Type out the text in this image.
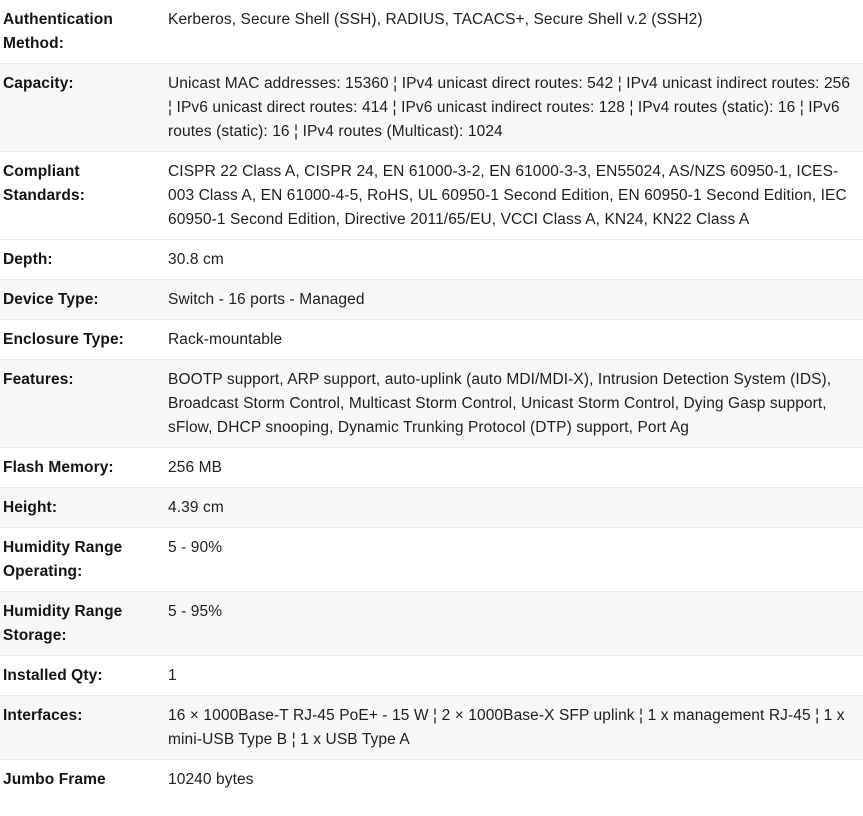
Authentication Method:
Kerberos, Secure Shell (SSH), RADIUS, TACACS+, Secure Shell v.2 (SSH2)
Capacity:	Unicast MAC addresses: 15360 ¦ IPv4 unicast direct routes: 542 ¦ IPv4 unicast indirect routes: 256 ¦ IPv6 unicast direct routes: 414 ¦ IPv6 unicast indirect routes: 128 ¦ IPv4 routes (static): 16 ¦ IPv6 routes (static): 16 ¦ IPv4 routes (Multicast): 1024
Compliant Standards:
CISPR 22 Class A, CISPR 24, EN 61000-3-2, EN 61000-3-3, EN55024, AS/NZS 60950-1, ICES-003 Class A, EN 61000-4-5, RoHS, UL 60950-1 Second Edition, EN 60950-1 Second Edition, IEC 60950-1 Second Edition, Directive 2011/65/EU, VCCI Class A, KN24, KN22 Class A
Depth:	30.8 cm
Device Type:	Switch - 16 ports - Managed
Enclosure Type:	Rack-mountable
Features:	BOOTP support, ARP support, auto-uplink (auto MDI/MDI-X), Intrusion Detection System (IDS), Broadcast Storm Control, Multicast Storm Control, Unicast Storm Control, Dying Gasp support, sFlow, DHCP snooping, Dynamic Trunking Protocol (DTP) support, Port Ag
Flash Memory:	256 MB
Height:	4.39 cm
Humidity Range Operating:
5 - 90%
Humidity Range Storage:
5 - 95%
Installed Qty:	1
Interfaces:	16 × 1000Base-T RJ-45 PoE+ - 15 W ¦ 2 × 1000Base-X SFP uplink ¦ 1 x management RJ-45 ¦ 1 x mini-USB Type B ¦ 1 x USB Type A
Jumbo Frame	10240 bytes
